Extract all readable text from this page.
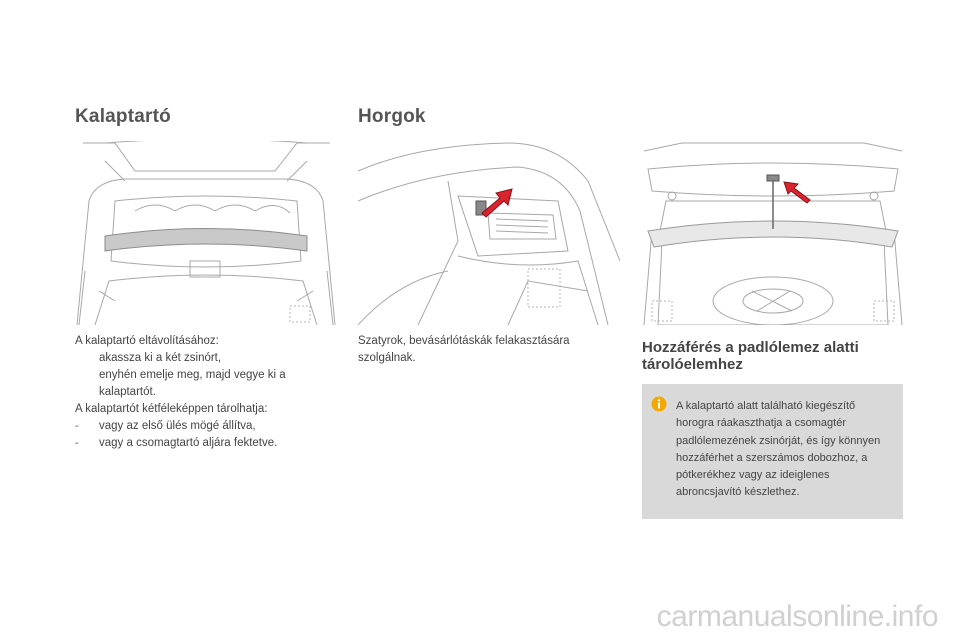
Kalaptartó

A kalaptartó eltávolításához:

akassza ki a két zsinórt,
enyhén emelje meg, majd vegye ki a kalaptartót.

A kalaptartót kétféleképpen tárolhatja:

-	vagy az első ülés mögé állítva,
-	vagy a csomagtartó aljára fektetve.
Horgok
Szatyrok, bevásárlótáskák felakasztására szolgálnak.
Hozzáférés a padlólemez alatti tárolóelemhez
A kalaptartó alatt található kiegészítő horogra ráakaszthatja a csomagtér padlólemezének zsinórját, és így könnyen hozzáférhet a szerszámos dobozhoz, a pótkerékhez vagy az ideiglenes abroncsjavító készlethez.
carmanualsonline.info
